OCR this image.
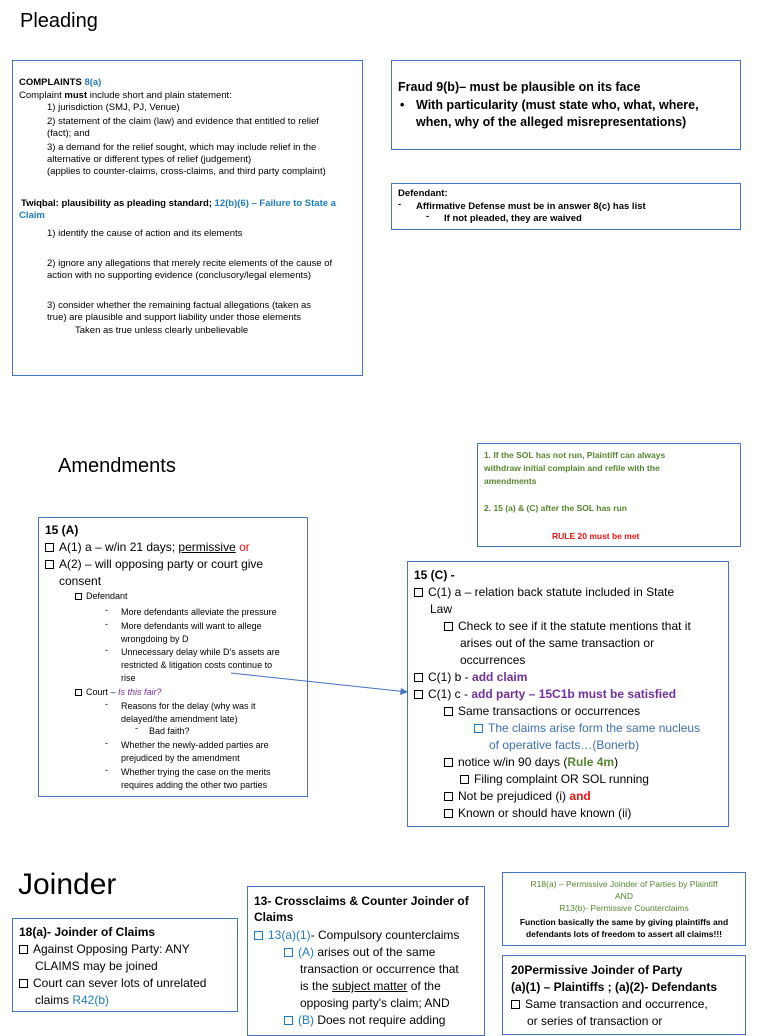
Pleading
COMPLAINTS 8(a)
Complaint must include short and plain statement:
1) jurisdiction (SMJ, PJ, Venue)
2) statement of the claim (law) and evidence that entitled to relief
(fact); and
3) a demand for the relief sought, which may include relief in the
alternative or different types of relief (judgement)
(applies to counter-claims, cross-claims, and third party complaint)
Twiqbal: plausibility as pleading standard; 12(b)(6) – Failure to State a
Claim
1) identify the cause of action and its elements
2) ignore any allegations that merely recite elements of the cause of
action with no supporting evidence (conclusory/legal elements)
3) consider whether the remaining factual allegations (taken as
true) are plausible and support liability under those elements
Taken as true unless clearly unbelievable
Fraud 9(b)– must be plausible on its face
• With particularity (must state who, what, where,
when, why of the alleged misrepresentations)
Defendant:
- Affirmative Defense must be in answer 8(c) has list
- If not pleaded, they are waived
Amendments	1. If the SOL has not run, Plaintiff can always
withdraw initial complain and refile with the
amendments
2. 15 (a) & (C) after the SOL has run
RULE 20 must be met
15 (A)
A(1) a – w/in 21 days; permissive or
A(2) – will opposing party or court give
consent
Defendant
- More defendants alleviate the pressure
- More defendants will want to allege
wrongdoing by D
- Unnecessary delay while D's assets are
restricted & litigation costs continue to
rise
Court – Is this fair?
- Reasons for the delay (why was it
delayed/the amendment late)
- Bad faith?
- Whether the newly-added parties are
prejudiced by the amendment
- Whether trying the case on the merits
requires adding the other two parties
15 (C) -
C(1) a – relation back statute included in State
Law
Check to see if it the statute mentions that it
arises out of the same transaction or
occurrences
C(1) b - add claim
C(1) c - add party – 15C1b must be satisfied
Same transactions or occurrences
The claims arise form the same nucleus
of operative facts…(Bonerb)
notice w/in 90 days (Rule 4m)
Filing complaint OR SOL running
Not be prejudiced (i) and
Known or should have known (ii)
Joinder
18(a)- Joinder of Claims
Against Opposing Party: ANY
CLAIMS may be joined
Court can sever lots of unrelated
claims R42(b)
13- Crossclaims & Counter Joinder of
Claims
13(a)(1)- Compulsory counterclaims
(A) arises out of the same
transaction or occurrence that
is the subject matter of the
opposing party's claim; AND
(B) Does not require adding
R18(a) – Permissive Joinder of Parties by Plaintiff
AND
R13(b)- Permissive Counterclaims
Function basically the same by giving plaintiffs and
defendants lots of freedom to assert all claims!!!
20Permissive Joinder of Party
(a)(1) – Plaintiffs ; (a)(2)- Defendants
Same transaction and occurrence,
or series of transaction or
